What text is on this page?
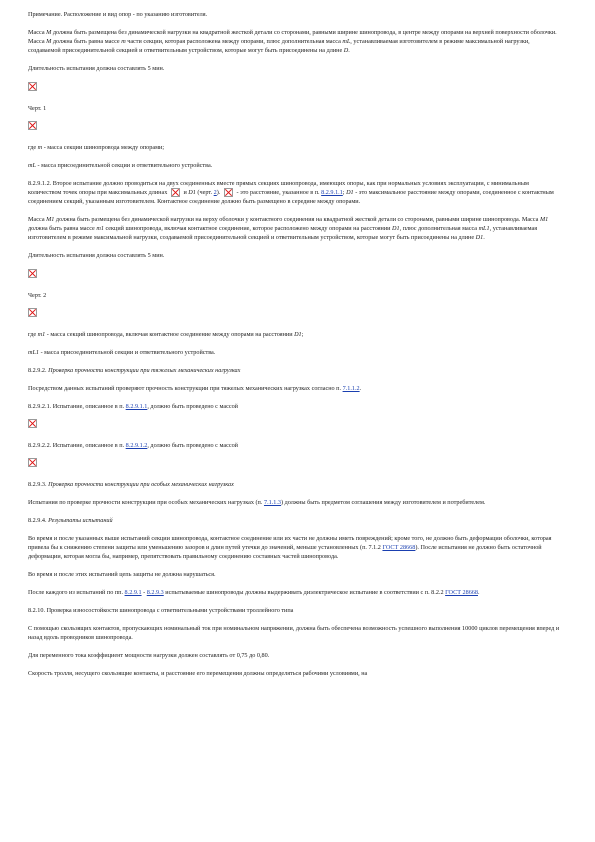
Примечание. Расположение и вид опор - по указанию изготовителя.

Масса М должна быть размещена без динамической нагрузки на квадратной жесткой детали со сторонами, равными ширине шинопровода, в центре между опорами на верхней поверхности оболочки. Масса М должна быть равна массе m части секции, которая расположена между опорами, плюс дополнительная масса mL, устанавливаемая изготовителем в режиме максимальной нагрузки, создаваемой присоединительной секцией и ответвительным устройством, которые могут быть присоединены на длине D.

Длительность испытания должна составлять 5 мин.

Черт. 1

где m - масса секции шинопровода между опорами;

mL - масса присоединительной секции и ответвительного устройства.

8.2.9.1.2. Второе испытание должно проводиться на двух соединенных вместе прямых секциях шинопровода, имеющих опоры, как при нормальных условиях эксплуатации, с минимальным количеством точек опоры при максимальных длинах  и D1 (черт. 2).  - это расстояние, указанное в п. 8.2.9.1.1; D1 - это максимальное расстояние между опорами, соединенное с контактным соединением секций, указанным изготовителем. Контактное соединение должно быть размещено в середине между опорами.

Масса М1 должна быть размещена без динамической нагрузки на верху оболочки у контактного соединения на квадратной жесткой детали со сторонами, равными ширине шинопровода. Масса М1 должна быть равна массе m1 секций шинопровода, включая контактное соединение, которое расположено между опорами на расстоянии D1, плюс дополнительная масса mL1, устанавливаемая изготовителем в режиме максимальной нагрузки, создаваемой присоединительной секцией и ответвительным устройством, которые могут быть присоединены на длине D1.

Длительность испытания должна составлять 5 мин.

Черт. 2

где m1 - масса секций шинопровода, включая контактное соединение между опорами на расстоянии D1;

mL1 - масса присоединительной секции и ответвительного устройства.

8.2.9.2. Проверка прочности конструкции при тяжелых механических нагрузках

Посредством данных испытаний проверяют прочность конструкции при тяжелых механических нагрузках согласно п. 7.1.1.2.

8.2.9.2.1. Испытание, описанное в п. 8.2.9.1.1, должно быть проведено с массой

8.2.9.2.2. Испытание, описанное в п. 8.2.9.1.2, должно быть проведено с массой

8.2.9.3. Проверка прочности конструкции при особых механических нагрузках

Испытания по проверке прочности конструкции при особых механических нагрузках (п. 7.1.1.3) должны быть предметом соглашения между изготовителем и потребителем.

8.2.9.4. Результаты испытаний

Во время и после указанных выше испытаний секции шинопровода, контактное соединение или их части не должны иметь повреждений; кроме того, не должно быть деформации оболочки, которая привела бы к снижению степени защиты или уменьшению зазоров и длин путей утечки до значений, меньше установленных (п. 7.1.2 ГОСТ 28668). После испытания не должно быть остаточной деформации, которая могла бы, например, препятствовать правильному соединению составных частей шинопровода.

Во время и после этих испытаний цепь защиты не должна нарушаться.

После каждого из испытаний по пп. 8.2.9.1 - 8.2.9.3 испытываемые шинопроводы должны выдерживать диэлектрическое испытание в соответствии с п. 8.2.2 ГОСТ 28668.

8.2.10. Проверка износостойкости шинопровода с ответвительными устройствами троллейного типа

С помощью скользящих контактов, пропускающих номинальный ток при номинальном напряжении, должна быть обеспечена возможность успешного выполнения 10000 циклов перемещения вперед и назад вдоль проводников шинопровода.

Для переменного тока коэффициент мощности нагрузки должен составлять от 0,75 до 0,80.

Скорость тролля, несущего скользящие контакты, и расстояние его перемещения должны определяться рабочими условиями, на
